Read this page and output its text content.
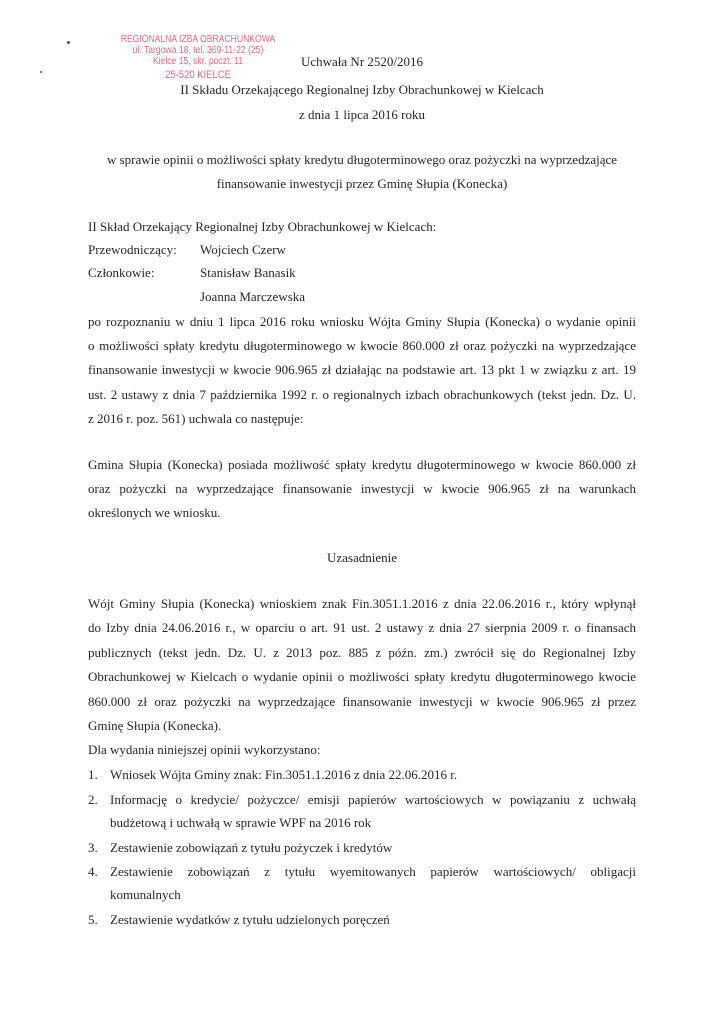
REGIONALNA IZBA OBRACHUNKOWA
ul. Targowa 18, tel. 369-11-22 (25)
Kielce 15, skr. poczt. 11
25-520 KIELCE
Uchwała Nr 2520/2016
II Składu Orzekającego Regionalnej Izby Obrachunkowej w Kielcach
z dnia 1 lipca 2016 roku
w sprawie opinii o możliwości spłaty kredytu długoterminowego oraz pożyczki na wyprzedzające
finansowanie inwestycji przez Gminę Słupia (Konecka)
II Skład Orzekający Regionalnej Izby Obrachunkowej w Kielcach:
Przewodniczący: Wojciech Czerw
Członkowie:	Stanisław Banasik
Joanna Marczewska
po rozpoznaniu w dniu 1 lipca 2016 roku wniosku Wójta Gminy Słupia (Konecka) o wydanie opinii
o możliwości spłaty kredytu długoterminowego w kwocie 860.000 zł oraz pożyczki na wyprzedzające
finansowanie inwestycji w kwocie 906.965 zł działając na podstawie art. 13 pkt 1 w związku z art. 19
ust. 2 ustawy z dnia 7 października 1992 r. o regionalnych izbach obrachunkowych (tekst jedn. Dz. U.
z 2016 r. poz. 561) uchwala co następuje:
Gmina Słupia (Konecka) posiada możliwość spłaty kredytu długoterminowego w kwocie 860.000 zł
oraz pożyczki na wyprzedzające finansowanie inwestycji w kwocie 906.965 zł na warunkach
określonych we wniosku.
Uzasadnienie
Wójt Gminy Słupia (Konecka) wnioskiem znak Fin.3051.1.2016 z dnia 22.06.2016 r., który wpłynął
do Izby dnia 24.06.2016 r., w oparciu o art. 91 ust. 2 ustawy z dnia 27 sierpnia 2009 r. o finansach
publicznych (tekst jedn. Dz. U. z 2013 poz. 885 z późn. zm.) zwrócił się do Regionalnej Izby
Obrachunkowej w Kielcach o wydanie opinii o możliwości spłaty kredytu długoterminowego kwocie
860.000 zł oraz pożyczki na wyprzedzające finansowanie inwestycji w kwocie 906.965 zł przez
Gminę Słupia (Konecka).
Dla wydania niniejszej opinii wykorzystano:
1. Wniosek Wójta Gminy znak: Fin.3051.1.2016 z dnia 22.06.2016 r.
2. Informację o kredycie/ pożyczce/ emisji papierów wartościowych w powiązaniu z uchwałą
budżetową i uchwałą w sprawie WPF na 2016 rok
3. Zestawienie zobowiązań z tytułu pożyczek i kredytów
4. Zestawienie zobowiązań z tytułu wyemitowanych papierów wartościowych/ obligacji
komunalnych
5. Zestawienie wydatków z tytułu udzielonych poręczeń
